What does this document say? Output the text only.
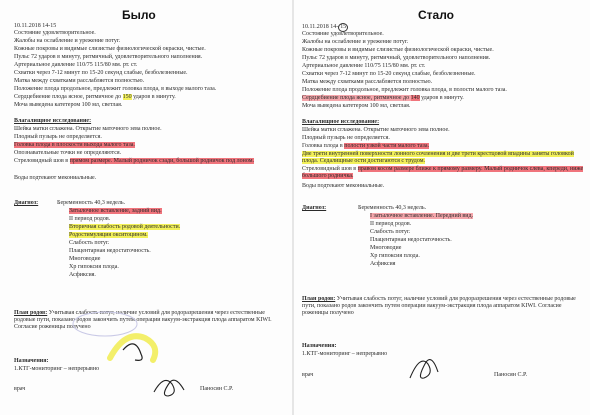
Было
10.11.2018 14-15
Состояние удовлетворительное.
Жалобы на ослабление и урежение потуг.
Кожные покровы и видимые слизистые физиологической окраски, чистые.
Пульс 72 ударов в минуту, ритмичный, удовлетворительного наполнения.
Артериальное давление 110/75 115/80 мм. рт. ст.
Схватки через 7-12 минут по 15-20 секунд слабые, безболезненные.
Матка между схватками расслабляется полностью.
Положение плода продольное, предлежит головка плода, в выходе малого таза.
Сердцебиение плода ясное, ритмичное до 150 ударов в минуту.
Моча выведена катетером 100 мл, светлая.
Влагалищное исследование:
Шейка матки сглажена. Открытие маточного зева полное.
Плодный пузырь не определяется.
Головка плода в плоскости выхода малого таза.
Опознавательные точки не определяются.
Стреловидный шов в прямом размере. Малый родничок сзади, большой родничок под лоном.
Воды подтекают мекониальные.
Диагноз:	Беременность 40,3 недель.
Затылочное вставление, задний вид.
II период родов.
Вторичная слабость родовой деятельности.
Родостимуляция окситоцином.
Слабость потуг.
Плацентарная недостаточность.
Многоводие
Хр гипоксия плода.
Асфиксия.
План родов: Учитывая слабость потуг, наличие условий для родоразрешения через естественные родовые пути, показано родов закончить путем операции вакуум-экстракция плода аппаратом KIWI. Согласие роженицы получено
Назначения:
1.КТГ-мониторинг – непрерывно
врач	Паносян С.Р.
Стало
10.11.2018 14- 15
Состояние удовлетворительное.
Жалобы на ослабление и урежение потуг.
Кожные покровы и видимые слизистые физиологической окраски, чистые.
Пульс 72 ударов в минуту, ритмичный, удовлетворительного наполнения.
Артериальное давление 110/75 115/80 мм. рт. ст.
Схватки через 7-12 минут по 15-20 секунд слабые, безболезненные.
Матка между схватками расслабляется полностью.
Положение плода продольное, предлежит головка плода, в полости малого таза.
Сердцебиение плода ясное, ритмичное до 140 ударов в минуту.
Моча выведена катетером 100 мл, светлая.
Влагалищное исследование:
Шейка матки сглажена. Открытие маточного зева полное.
Плодный пузырь не определяется.
Головка плода в полости узкой части малого таза.
Две трети внутренней поверхности лонного сочленения и две трети крестцовой впадины заняты головкой плода. Седалищные ости достигаются с трудом.
Стреловидный шов в правом косом размере ближе к прямому размеру. Малый родничок слева, кпереди, ниже большого родничка.
Воды подтекают мекониальные.
Диагноз:	Беременность 40,3 недель.
I затылочное вставление. Передний вид.
II период родов.
Слабость потуг.
Плацентарная недостаточность.
Многоводие
Хр гипоксия плода.
Асфиксия
План родов: Учитывая слабость потуг, наличие условий для родоразрешения через естественные родовые пути, показано родов закончить путем операции вакуум-экстракция плода аппаратом KIWI. Согласие роженицы получено
Назначения:
1.КТГ-мониторинг – непрерывно
врач	Паносян С.Р.
